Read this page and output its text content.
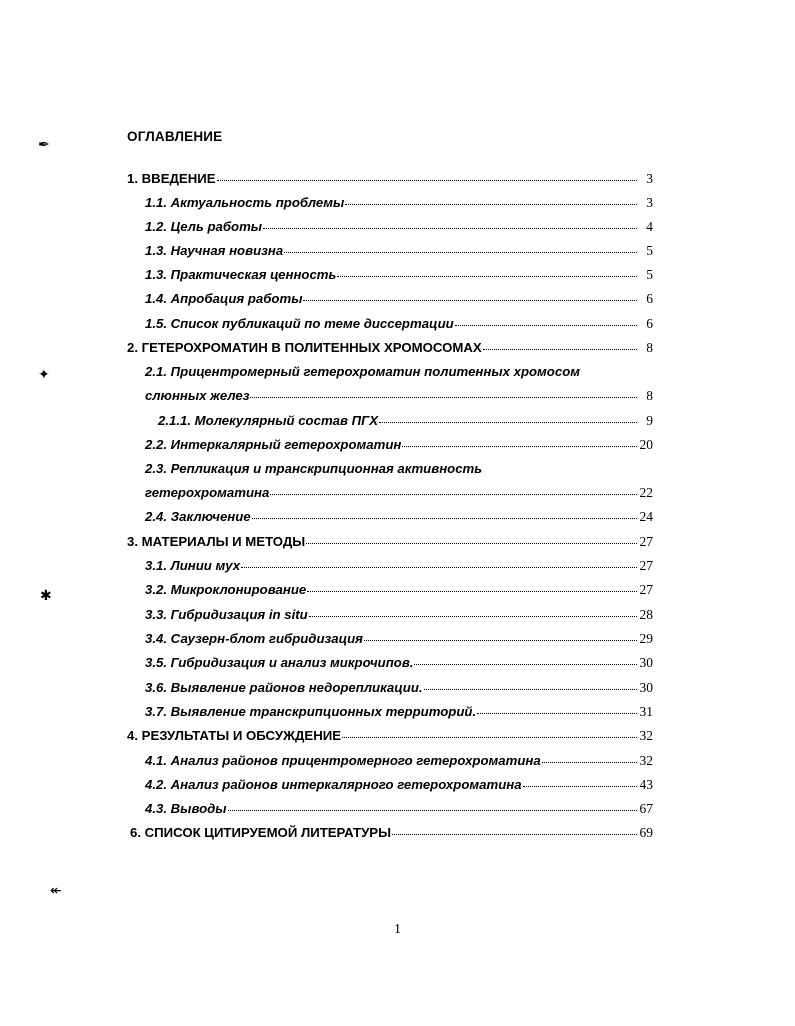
✒
✦
✱
↞
ОГЛАВЛЕНИЕ
1. ВВЕДЕНИЕ	3
1.1. Актуальность проблемы	3
1.2. Цель работы	4
1.3. Научная новизна	5
1.3. Практическая ценность	5
1.4. Апробация работы	6
1.5. Список публикаций по теме диссертации	6
2. ГЕТЕРОХРОМАТИН В ПОЛИТЕННЫХ ХРОМОСОМАХ	8
2.1. Прицентромерный гетерохроматин политенных хромосом
слюнных желез	8
2.1.1. Молекулярный состав ПГХ	9
2.2. Интеркалярный гетерохроматин	20
2.3. Репликация и транскрипционная активность
гетерохроматина	22
2.4. Заключение	24
3. МАТЕРИАЛЫ И МЕТОДЫ	27
3.1. Линии мух	27
3.2. Микроклонирование	27
3.3. Гибридизация in situ	28
3.4. Саузерн-блот гибридизация	29
3.5. Гибридизация и анализ микрочипов.	30
3.6. Выявление районов недорепликации.	30
3.7. Выявление транскрипционных территорий.	31
4. РЕЗУЛЬТАТЫ И ОБСУЖДЕНИЕ	32
4.1. Анализ районов прицентромерного гетерохроматина	32
4.2. Анализ районов интеркалярного гетерохроматина	43
4.3. Выводы	67
6. СПИСОК ЦИТИРУЕМОЙ ЛИТЕРАТУРЫ	69
1
